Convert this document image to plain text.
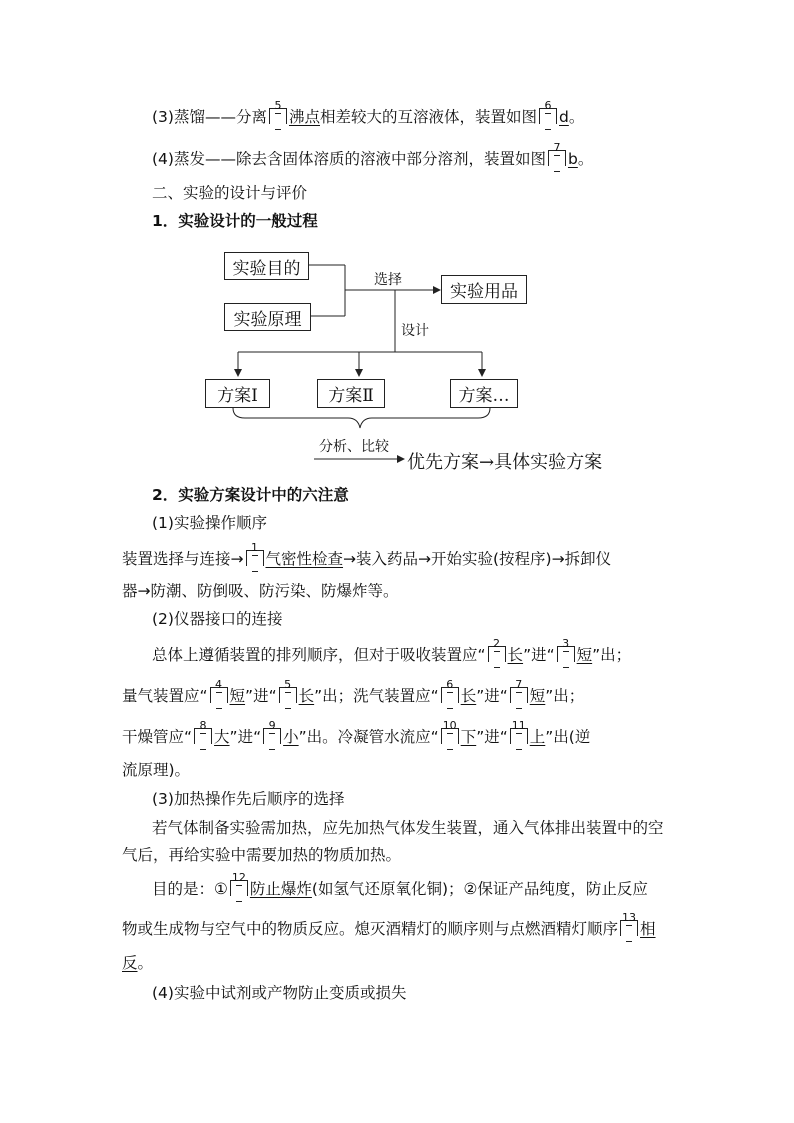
(3)蒸馏——分离
5
沸点相差较大的互溶液体，装置如图
6
d。
(4)蒸发——除去含固体溶质的溶液中部分溶剂，装置如图
7
b。
二、实验的设计与评价
1．实验设计的一般过程
实验目的
实验原理
实验用品
选择
设计
方案Ⅰ	方案Ⅱ	方案…
分析、比较
优先方案→具体实验方案
2．实验方案设计中的六注意
(1)实验操作顺序
装置选择与连接→
1
气密性检查→装入药品→开始实验(按程序)→拆卸仪
器→防潮、防倒吸、防污染、防爆炸等。
(2)仪器接口的连接
总体上遵循装置的排列顺序，但对于吸收装置应“
2
长”进“
3
短”出；
量气装置应“
4
短”进“
5
长”出；洗气装置应“
6
长”进“
7
短”出；
干燥管应“
8
大”进“
9
小”出。冷凝管水流应“
10
下”进“
11
上”出(逆
流原理)。
(3)加热操作先后顺序的选择
若气体制备实验需加热，应先加热气体发生装置，通入气体排出装置中的空
气后，再给实验中需要加热的物质加热。
目的是：①
12
防止爆炸(如氢气还原氧化铜)；②保证产品纯度，防止反应
物或生成物与空气中的物质反应。熄灭酒精灯的顺序则与点燃酒精灯顺序
13
相
反。
(4)实验中试剂或产物防止变质或损失
